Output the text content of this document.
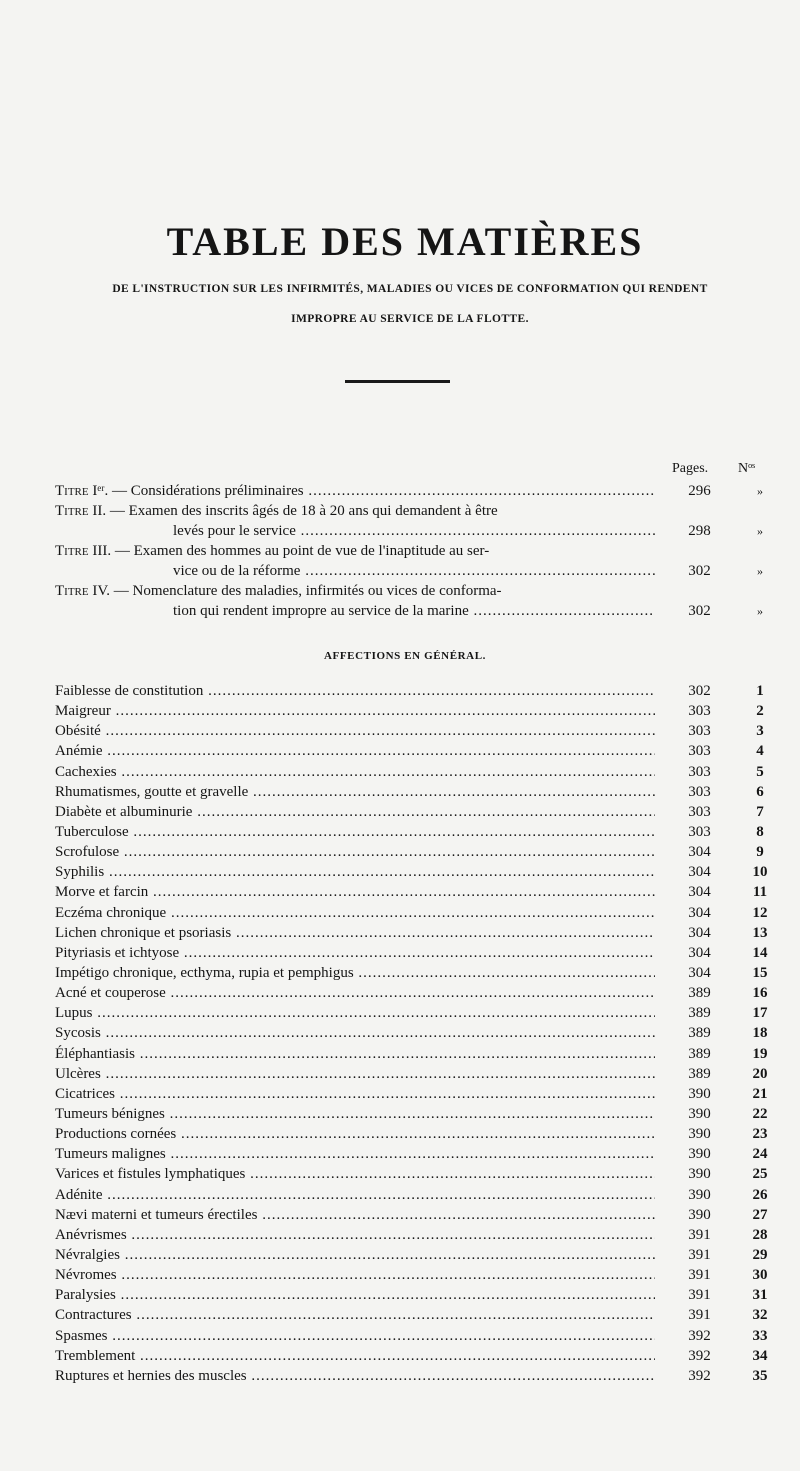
TABLE DES MATIÈRES

DE L'INSTRUCTION SUR LES INFIRMITÉS, MALADIES OU VICES DE CONFORMATION QUI RENDENT

IMPROPRE AU SERVICE DE LA FLOTTE.

Pages. Nᵒˢ
Titre Iᵉʳ. — Considérations préliminaires .....	296	»
Titre II. — Examen des inscrits âgés de 18 à 20 ans qui demandent à être
levés pour le service .....	298	»
Titre III. — Examen des hommes au point de vue de l'inaptitude au ser-
vice ou de la réforme .....	302	»
Titre IV. — Nomenclature des maladies, infirmités ou vices de conforma-
tion qui rendent impropre au service de la marine .....	302	»

AFFECTIONS EN GÉNÉRAL.

Faiblesse de constitution .....	302	1
Maigreur .....	303	2
Obésité .....	303	3
Anémie .....	303	4
Cachexies .....	303	5
Rhumatismes, goutte et gravelle .....	303	6
Diabète et albuminurie .....	303	7
Tuberculose .....	303	8
Scrofulose .....	304	9
Syphilis .....	304	10
Morve et farcin .....	304	11
Eczéma chronique .....	304	12
Lichen chronique et psoriasis .....	304	13
Pityriasis et ichtyose .....	304	14
Impétigo chronique, ecthyma, rupia et pemphigus .....	304	15
Acné et couperose .....	389	16
Lupus .....	389	17
Sycosis .....	389	18
Éléphantiasis .....	389	19
Ulcères .....	389	20
Cicatrices .....	390	21
Tumeurs bénignes .....	390	22
Productions cornées .....	390	23
Tumeurs malignes .....	390	24
Varices et fistules lymphatiques .....	390	25
Adénite .....	390	26
Nævi materni et tumeurs érectiles .....	390	27
Anévrismes .....	391	28
Névralgies .....	391	29
Névromes .....	391	30
Paralysies .....	391	31
Contractures .....	391	32
Spasmes .....	392	33
Tremblement .....	392	34
Ruptures et hernies des muscles .....	392	35
